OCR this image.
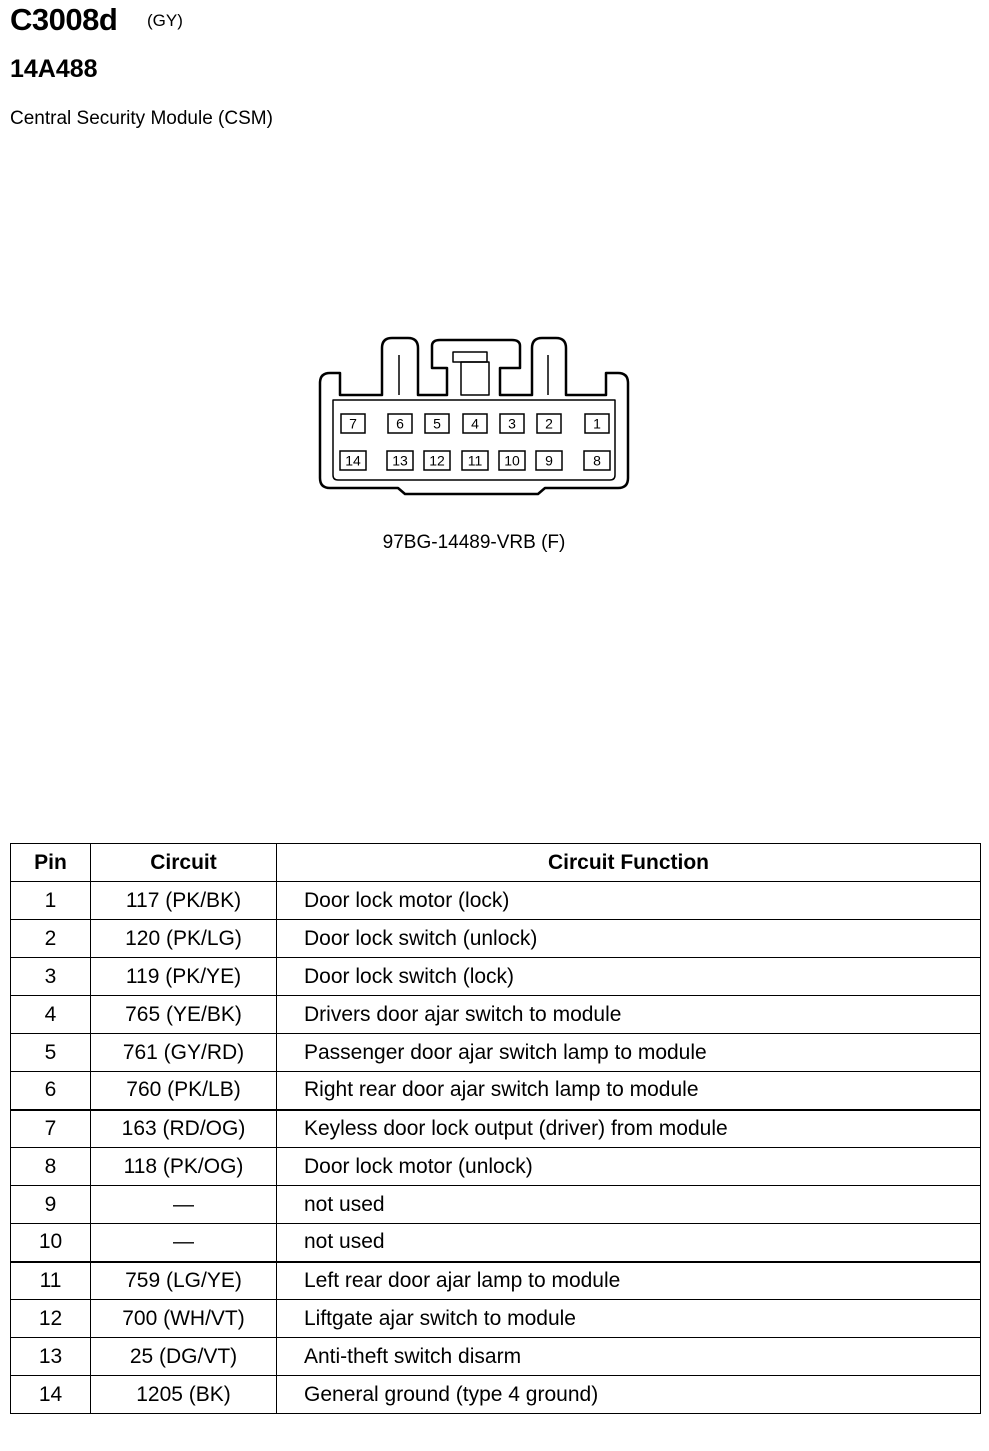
C3008d (GY)
14A488
Central Security Module (CSM)
7	6 5 4 3 2	1
14 13 12 11 10 9	8
97BG-14489-VRB (F)
Pin	Circuit	Circuit Function
1	117 (PK/BK)	Door lock motor (lock)
2	120 (PK/LG)	Door lock switch (unlock)
3	119 (PK/YE)	Door lock switch (lock)
4	765 (YE/BK)	Drivers door ajar switch to module
5	761 (GY/RD)	Passenger door ajar switch lamp to module
6	760 (PK/LB)	Right rear door ajar switch lamp to module
7	163 (RD/OG)	Keyless door lock output (driver) from module
8	118 (PK/OG)	Door lock motor (unlock)
9	—	not used
10	—	not used
11	759 (LG/YE)	Left rear door ajar lamp to module
12	700 (WH/VT)	Liftgate ajar switch to module
13	25 (DG/VT)	Anti-theft switch disarm
14	1205 (BK)	General ground (type 4 ground)
